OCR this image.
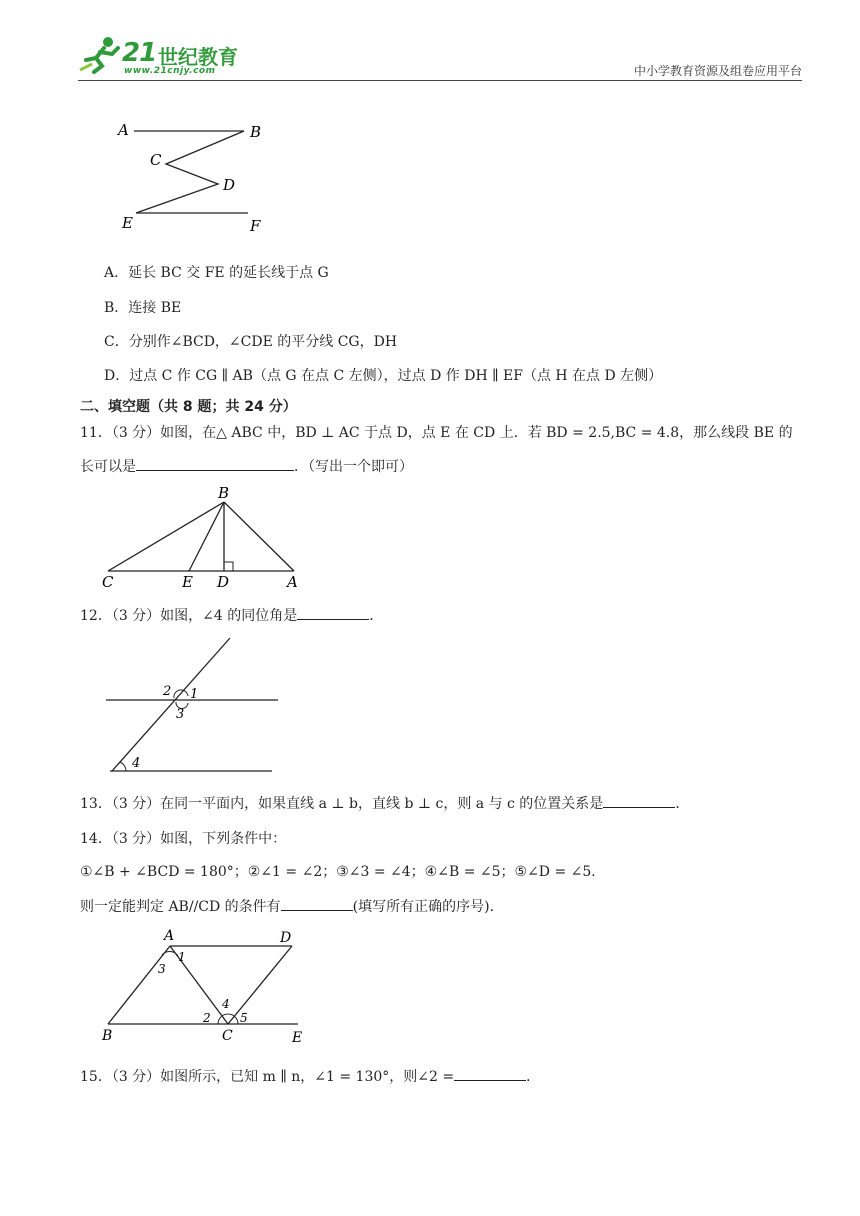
21 世纪教育
www.21cnjy.com	中小学教育资源及组卷应用平台
A	B
C
D
E	F
A．延长 BC 交 FE 的延长线于点 G
B．连接 BE
C．分别作∠BCD，∠CDE 的平分线 CG，DH
D．过点 C 作 CG ∥ AB（点 G 在点 C 左侧），过点 D 作 DH ∥ EF（点 H 在点 D 左侧）
二、填空题（共 8 题；共 24 分）
11．（3 分）如图，在△ ABC 中，BD ⊥ AC 于点 D，点 E 在 CD 上．若 BD = 2.5,BC = 4.8，那么线段 BE 的
长可以是	．（写出一个即可）
B
C	E D	A
12．（3 分）如图，∠4 的同位角是	．
2 1
3
4
13．（3 分）在同一平面内，如果直线 a ⊥ b，直线 b ⊥ c，则 a 与 c 的位置关系是	．
14．（3 分）如图，下列条件中：
①∠B + ∠BCD = 180°；②∠1 = ∠2；③∠3 = ∠4；④∠B = ∠5；⑤∠D = ∠5．
则一定能判定 AB//CD 的条件有	(填写所有正确的序号)．
A	D
1
3
4
2 5
B	C	E
15．（3 分）如图所示，已知 m ∥ n，∠1 = 130°，则∠2 =	．
